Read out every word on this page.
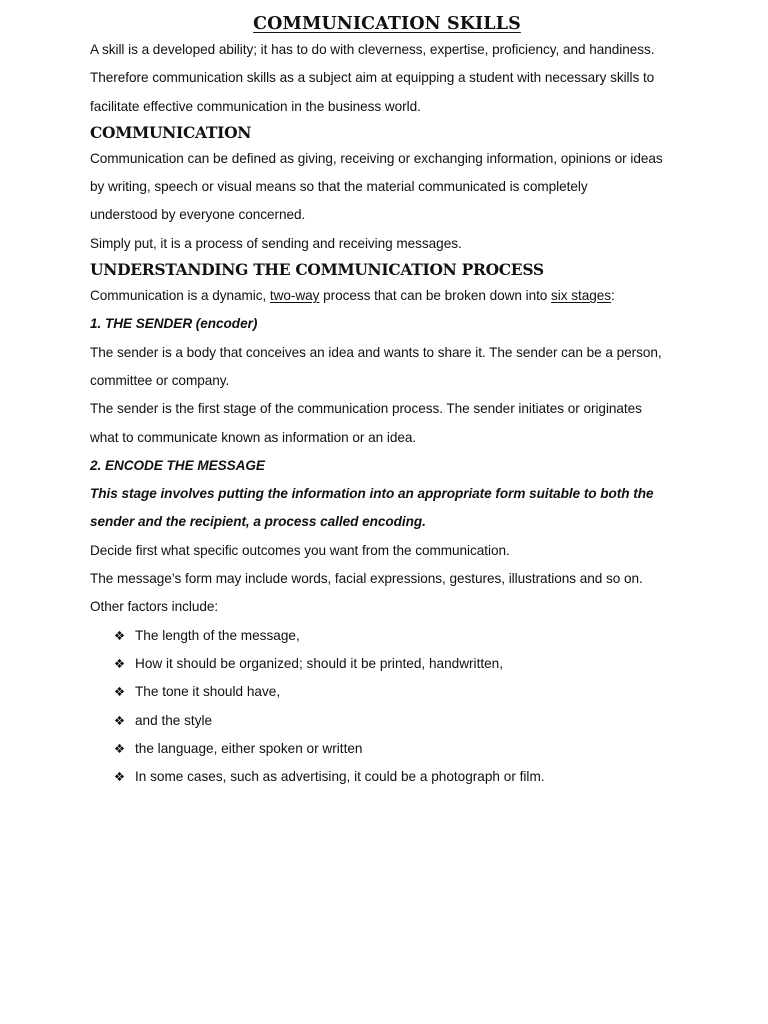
COMMUNICATION SKILLS

A skill is a developed ability; it has to do with cleverness, expertise, proficiency, and handiness.

Therefore communication skills as a subject aim at equipping a student with necessary skills to

facilitate effective communication in the business world.

COMMUNICATION

Communication can be defined as giving, receiving or exchanging information, opinions or ideas

by writing, speech or visual means so that the material communicated is completely

understood by everyone concerned.

Simply put, it is a process of sending and receiving messages.

UNDERSTANDING THE COMMUNICATION PROCESS

Communication is a dynamic, two-way process that can be broken down into six stages:

1. THE SENDER (encoder)

The sender is a body that conceives an idea and wants to share it. The sender can be a person,

committee or company.

The sender is the first stage of the communication process. The sender initiates or originates

what to communicate known as information or an idea.

2. ENCODE THE MESSAGE

This stage involves putting the information into an appropriate form suitable to both the

sender and the recipient, a process called encoding.

Decide first what specific outcomes you want from the communication.

The message’s form may include words, facial expressions, gestures, illustrations and so on.

Other factors include:

❖ The length of the message,
❖ How it should be organized; should it be printed, handwritten,
❖ The tone it should have,
❖ and the style
❖ the language, either spoken or written
❖ In some cases, such as advertising, it could be a photograph or film.
